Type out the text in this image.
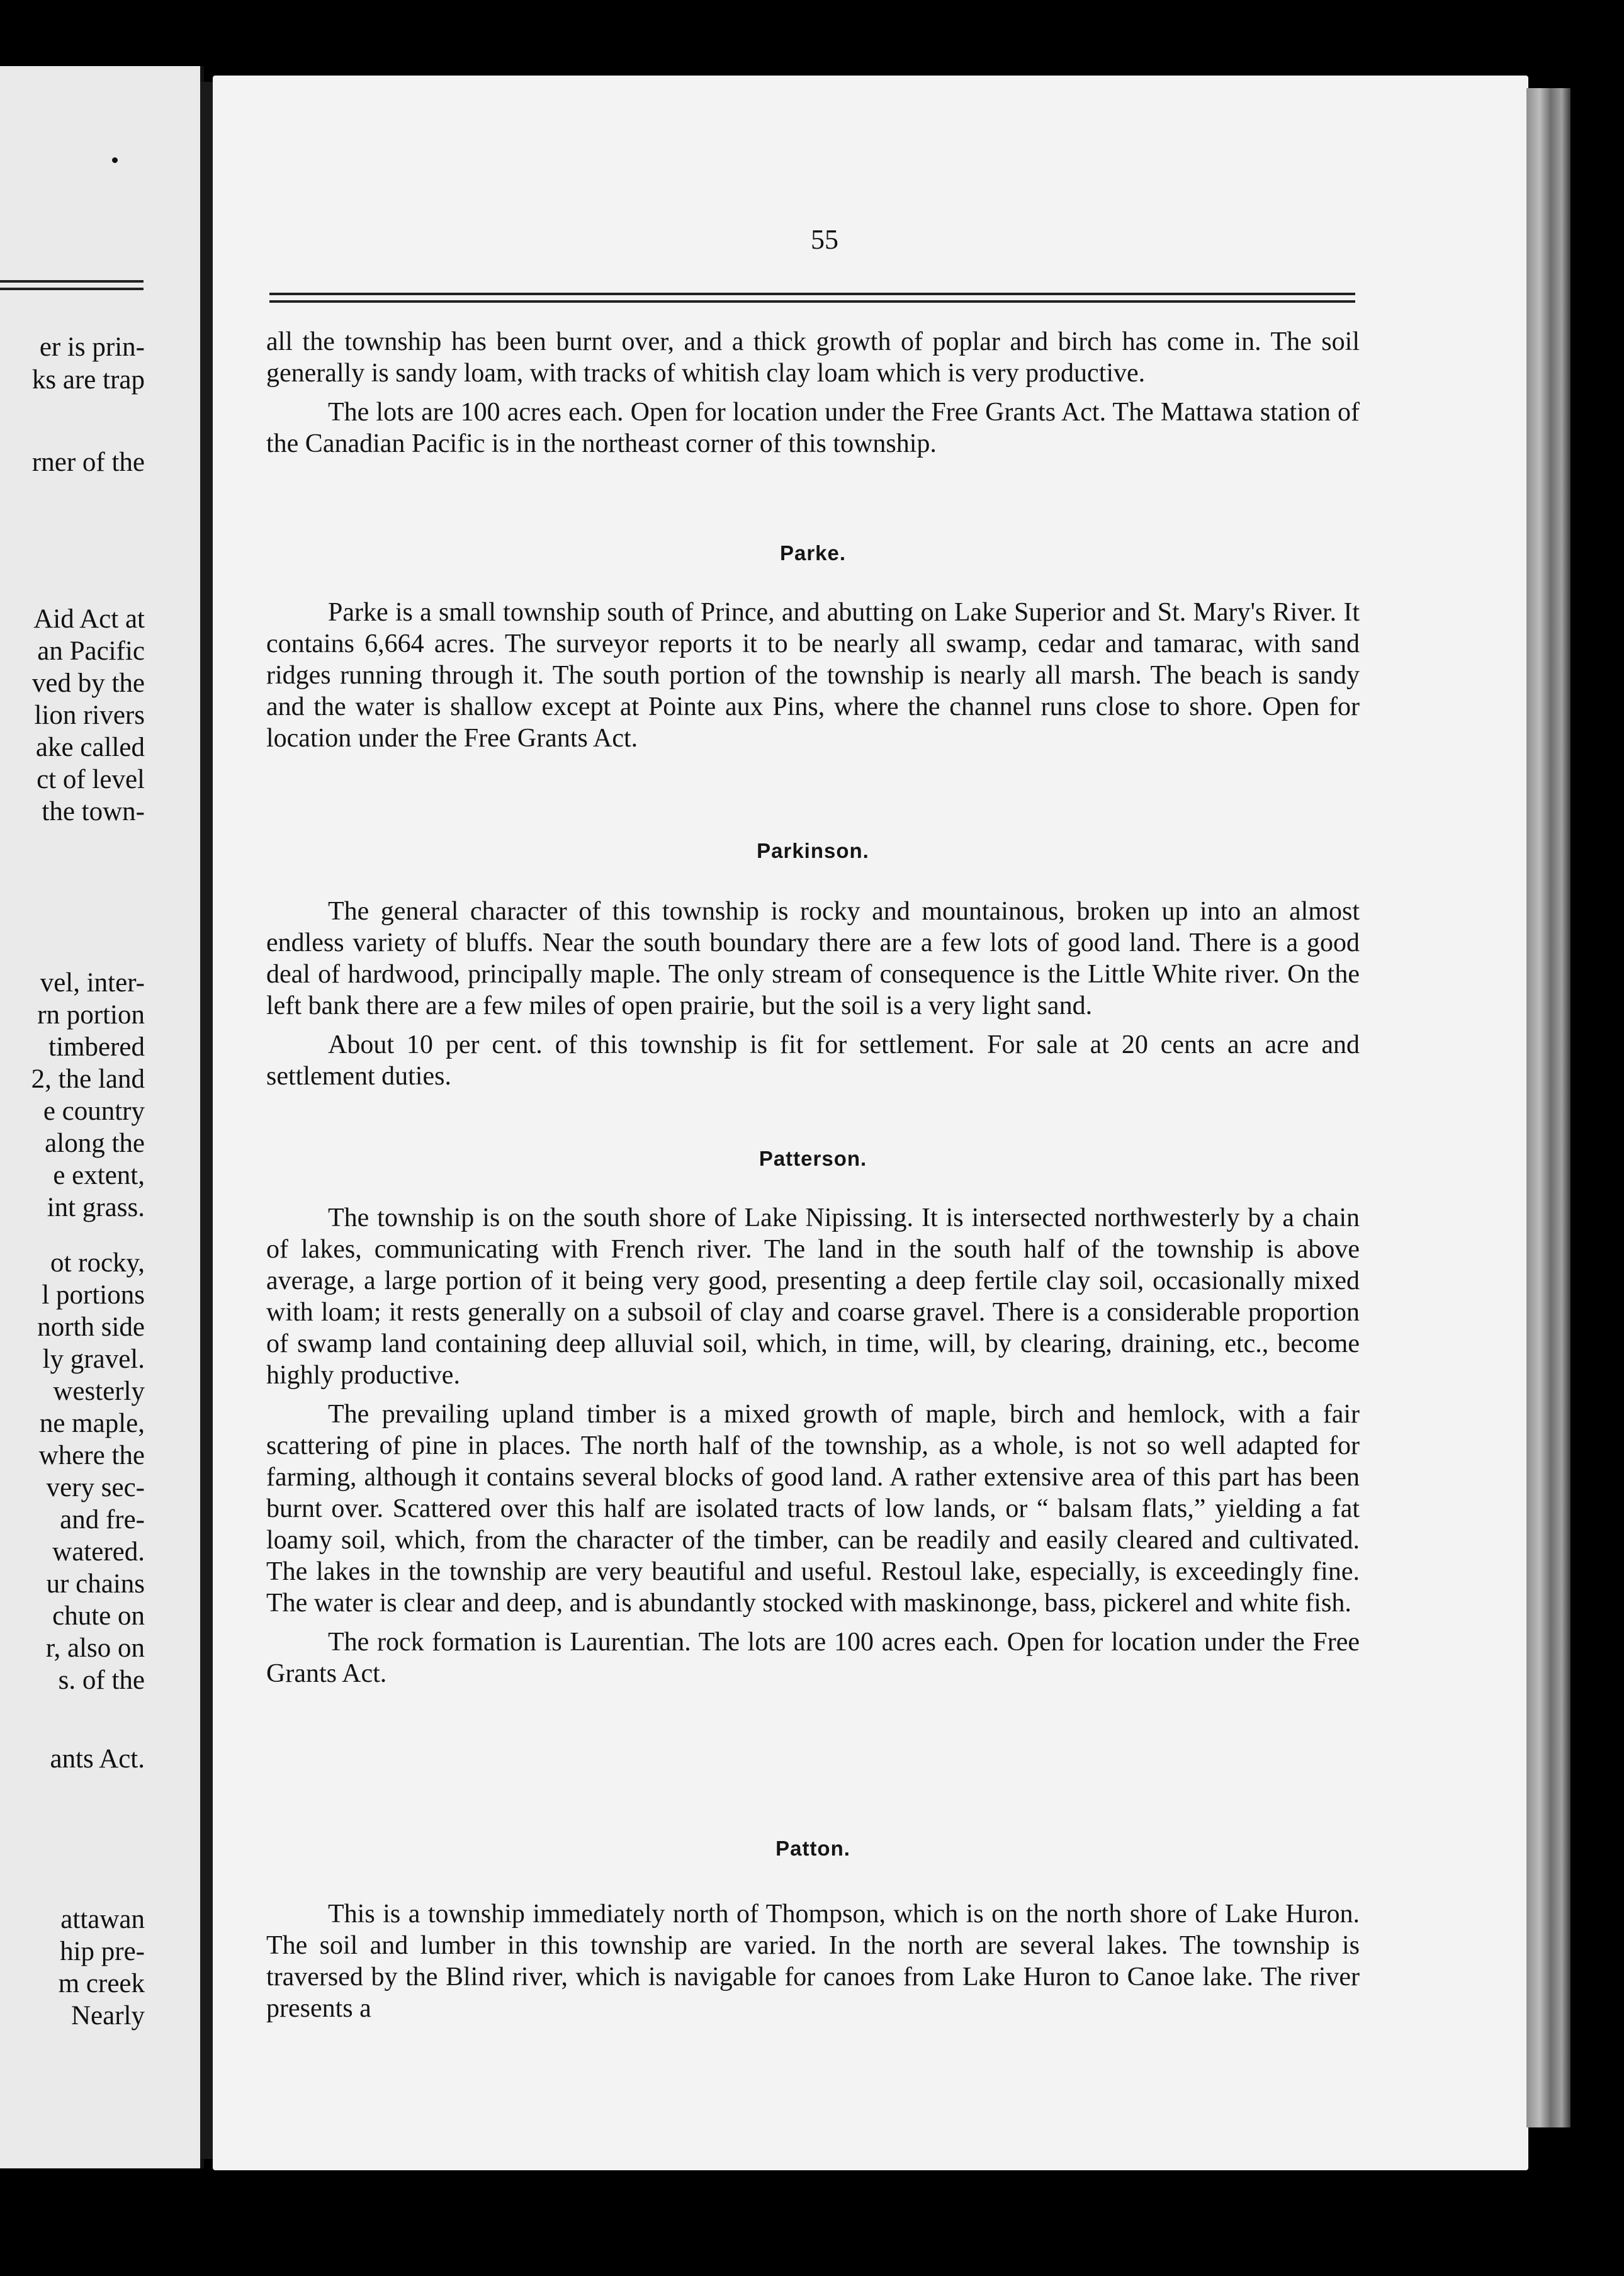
er is prin-
ks are trap
rner of the
Aid Act at
an Pacific
ved by the
lion rivers
ake called
ct of level
the town-
vel, inter-
rn portion
timbered
2, the land
e country
along the
e extent,
int grass.
ot rocky,
l portions
north side
ly gravel.
westerly
ne maple,
where the
very sec-
and fre-
watered.
ur chains
chute on
r, also on
s. of the
ants Act.
attawan
hip pre-
m creek
Nearly
55

all the township has been burnt over, and a thick growth of poplar and birch has come in. The soil generally is sandy loam, with tracks of whitish clay loam which is very productive.

The lots are 100 acres each. Open for location under the Free Grants Act. The Mattawa station of the Canadian Pacific is in the northeast corner of this township.

Parke.

Parke is a small township south of Prince, and abutting on Lake Superior and St. Mary's River. It contains 6,664 acres. The surveyor reports it to be nearly all swamp, cedar and tamarac, with sand ridges running through it. The south portion of the township is nearly all marsh. The beach is sandy and the water is shallow except at Pointe aux Pins, where the channel runs close to shore. Open for location under the Free Grants Act.

Parkinson.

The general character of this township is rocky and mountainous, broken up into an almost endless variety of bluffs. Near the south boundary there are a few lots of good land. There is a good deal of hardwood, principally maple. The only stream of consequence is the Little White river. On the left bank there are a few miles of open prairie, but the soil is a very light sand.

About 10 per cent. of this township is fit for settlement. For sale at 20 cents an acre and settlement duties.

Patterson.

The township is on the south shore of Lake Nipissing. It is intersected northwesterly by a chain of lakes, communicating with French river. The land in the south half of the township is above average, a large portion of it being very good, presenting a deep fertile clay soil, occasionally mixed with loam; it rests generally on a subsoil of clay and coarse gravel. There is a considerable proportion of swamp land containing deep alluvial soil, which, in time, will, by clearing, draining, etc., become highly productive.

The prevailing upland timber is a mixed growth of maple, birch and hemlock, with a fair scattering of pine in places. The north half of the township, as a whole, is not so well adapted for farming, although it contains several blocks of good land. A rather extensive area of this part has been burnt over. Scattered over this half are isolated tracts of low lands, or “ balsam flats,” yielding a fat loamy soil, which, from the character of the timber, can be readily and easily cleared and cultivated. The lakes in the township are very beautiful and useful. Restoul lake, especially, is exceedingly fine. The water is clear and deep, and is abundantly stocked with maskinonge, bass, pickerel and white fish.

The rock formation is Laurentian. The lots are 100 acres each. Open for location under the Free Grants Act.

Patton.

This is a township immediately north of Thompson, which is on the north shore of Lake Huron. The soil and lumber in this township are varied. In the north are several lakes. The township is traversed by the Blind river, which is navigable for canoes from Lake Huron to Canoe lake. The river presents a
